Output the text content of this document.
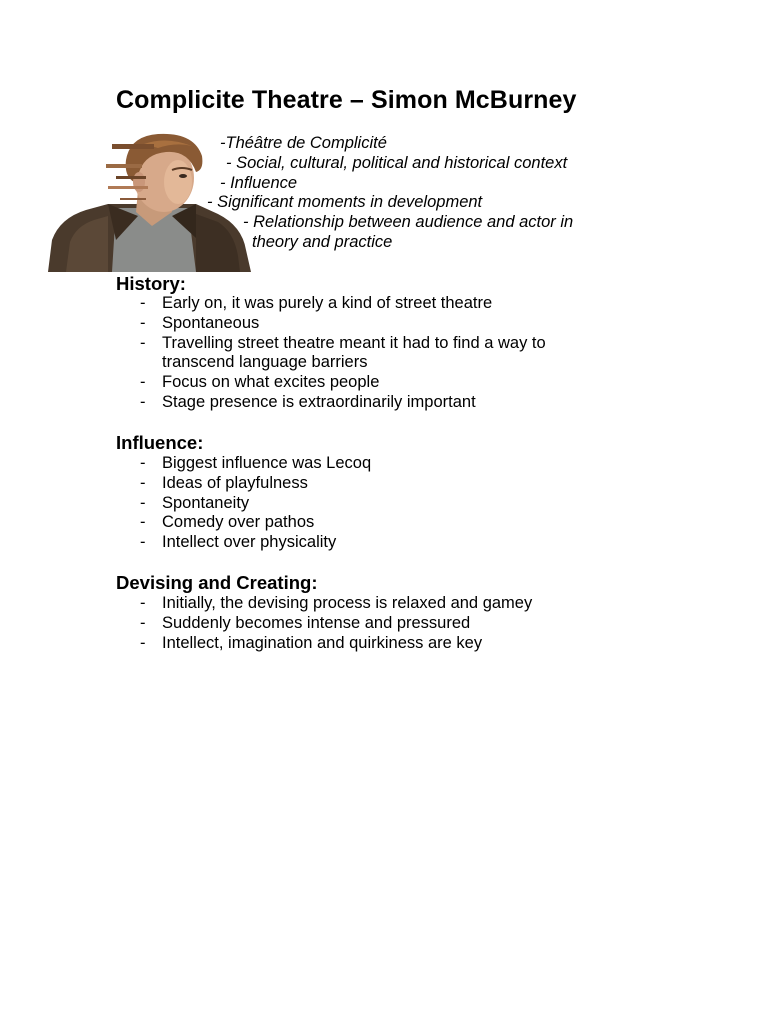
Complicite Theatre – Simon McBurney
-Théâtre de Complicité
- Social, cultural, political and historical context
- Influence
- Significant moments in development
- Relationship between audience and actor in
theory and practice
History:
- Early on, it was purely a kind of street theatre
- Spontaneous
- Travelling street theatre meant it had to find a way to transcend language barriers
- Focus on what excites people
- Stage presence is extraordinarily important
Influence:
- Biggest influence was Lecoq
- Ideas of playfulness
- Spontaneity
- Comedy over pathos
- Intellect over physicality
Devising and Creating:
- Initially, the devising process is relaxed and gamey
- Suddenly becomes intense and pressured
- Intellect, imagination and quirkiness are key
